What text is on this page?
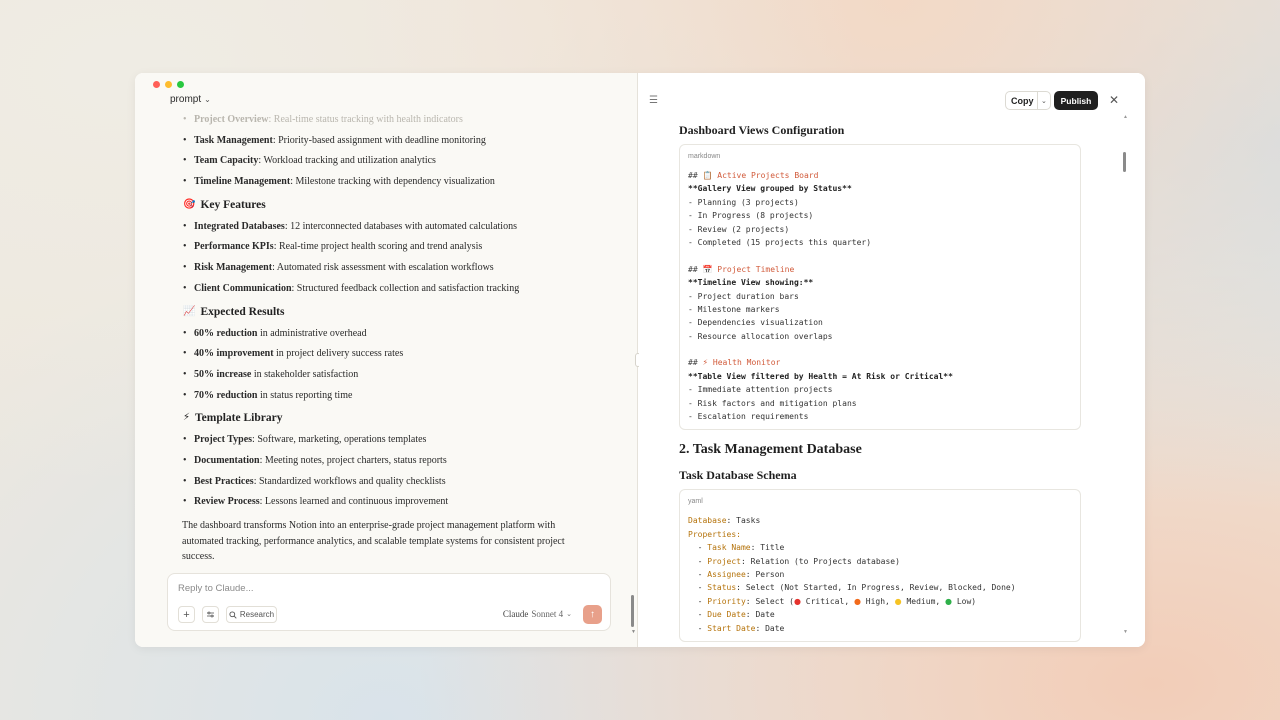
prompt ⌄
• Project Overview: Real-time status tracking with health indicators
• Task Management: Priority-based assignment with deadline monitoring
• Team Capacity: Workload tracking and utilization analytics
• Timeline Management: Milestone tracking with dependency visualization
🎯 Key Features
• Integrated Databases: 12 interconnected databases with automated calculations
• Performance KPIs: Real-time project health scoring and trend analysis
• Risk Management: Automated risk assessment with escalation workflows
• Client Communication: Structured feedback collection and satisfaction tracking
📈 Expected Results
• 60% reduction in administrative overhead
• 40% improvement in project delivery success rates
• 50% increase in stakeholder satisfaction
• 70% reduction in status reporting time
⚡ Template Library
• Project Types: Software, marketing, operations templates
• Documentation: Meeting notes, project charters, status reports
• Best Practices: Standardized workflows and quality checklists
• Review Process: Lessons learned and continuous improvement
The dashboard transforms Notion into an enterprise-grade project management platform with automated tracking, performance analytics, and scalable template systems for consistent project success.
Reply to Claude...
+	Research	Claude Sonnet 4 ⌄ ↑
▼
☰	Copy	⌄	Publish	✕
Dashboard Views Configuration
markdown
## 📋 Active Projects Board
**Gallery View grouped by Status**
- Planning (3 projects)
- In Progress (8 projects)
- Review (2 projects)
- Completed (15 projects this quarter)
## 📅 Project Timeline
**Timeline View showing:**
- Project duration bars
- Milestone markers
- Dependencies visualization
- Resource allocation overlaps
## ⚡ Health Monitor
**Table View filtered by Health = At Risk or Critical**
- Immediate attention projects
- Risk factors and mitigation plans
- Escalation requirements
2. Task Management Database
Task Database Schema
yaml
Database: Tasks
Properties:
- Task Name: Title
- Project: Relation (to Projects database)
- Assignee: Person
- Status: Select (Not Started, In Progress, Review, Blocked, Done)
- Priority: Select (● Critical, ● High, ● Medium, ● Low)
- Due Date: Date
- Start Date: Date
▲
▼
